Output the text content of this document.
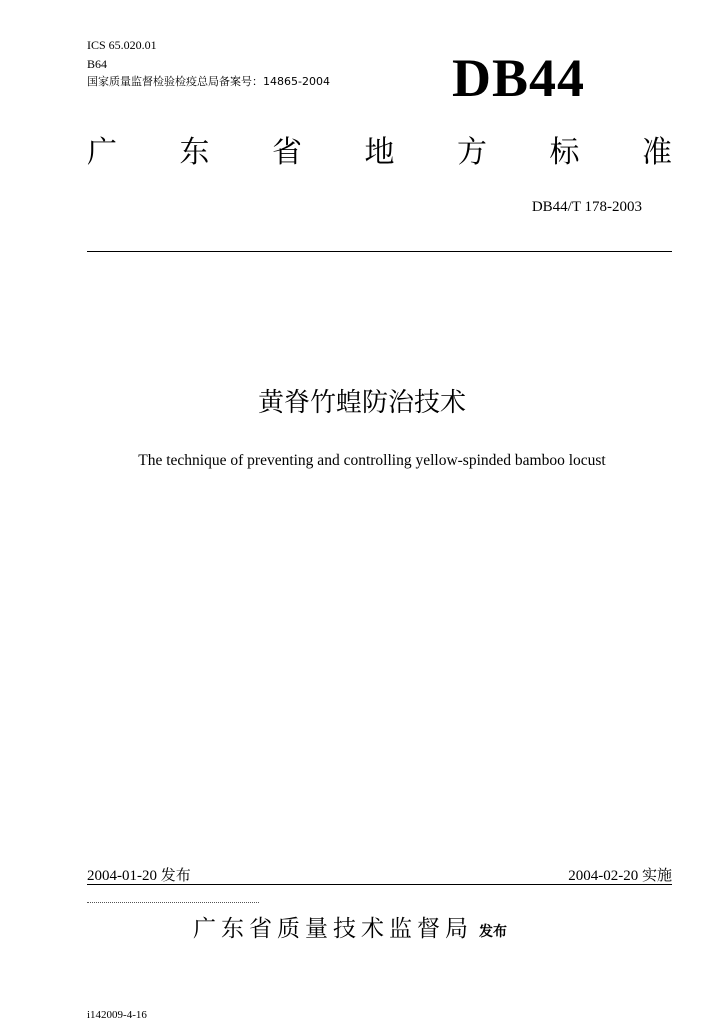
ICS 65.020.01
B64
国家质量监督检验检疫总局备案号：14865-2004 DB44
广 东 省 地 方 标 准
DB44/T 178-2003
黄脊竹蝗防治技术
The technique of preventing and controlling yellow-spinded bamboo locust
2004-01-20 发布	2004-02-20 实施
广东省质量技术监督局 发布
i142009-4-16
